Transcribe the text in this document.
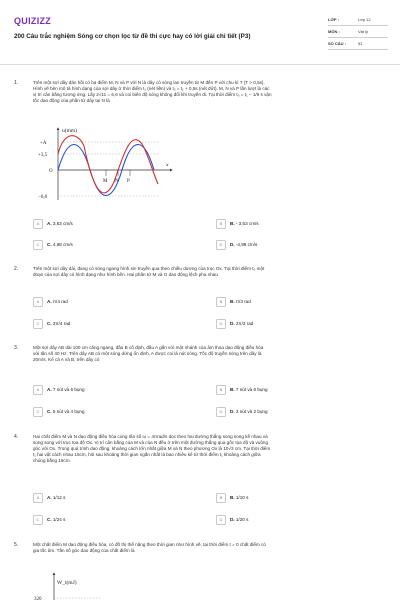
QUIZIZZ
200 Câu trắc nghiệm Sóng cơ chọn lọc từ đề thi cực hay có lời giải chi tiết (P3)
LỚP :	Lớp 12
MÔN :	Vật lý
SỐ CÂU :	51
1.	Trên một sợi dây đàn hồi có ba điểm M, N và P với N là dây có sóng lan truyền từ M đến P với chu kì T (T > 0,5s).
Hình vẽ bên mô tả hình dạng của sợi dây ở thời điểm t₁ (nét liền) và t₂ = t₁ + 0,5s (nét đứt). M, N và P lần lượt là các
vị trí cân bằng tương ứng. Lấy 2√11 = 6,6 và coi biên độ sóng không đổi khi truyền đi. Tại thời điểm t₀ = t₁ − 1/9 s vận
tốc dao động của phần tử dây tại N là
u(mm)
x
+A
+3,5
O
−6,6
M N P
A	A. 3,53 cm/s	B	B. - 3,53 cm/s
C	C. 4,98 cm/s	D	D. -4,98 cm/s
2.	Trên một sợi dây dài, đang có sóng ngang hình sin truyền qua theo chiều dương của trục Ox. Tại thời điểm t₀ một
đoạn của sợi dây có hình dạng như hình bên. Hai phần tử M và O dao động lệch pha nhau
A	A. π/4 rad	B	B. π/3 rad
C	C. 3π/4 rad	D	D. 2π/3 rad
3.	Một sợi dây AB dài 100 cm căng ngang, đầu B cố định, đầu A gắn với một nhánh của âm thoa dao động điều hòa
với tần số 40 Hz. Trên dây AB có một sóng dừng ổn định, A được coi là nút sóng. Tốc độ truyền sóng trên dây là
20m/s. Kể cả A và B, trên dây có
A	A. 7 nút và 6 bụng	B	B. 7 nút và 6 bụng
C	C. 5 nút và 4 bụng	D	D. 3 nút và 2 bụng
4.	Hai chất điểm M và N dao động điều hòa cùng tần số ω = 4πrad/s dọc theo hai đường thẳng song song kề nhau và
song song với trục tọa độ Ox. Vị trí cân bằng của M và của N đều ở trên một đường thẳng qua gốc tọa độ và vuông
góc với Ox. Trong quá trình dao động, khoảng cách lớn nhất giữa M và N theo phương Ox là 10√3 cm. Tại thời điểm
t₁ hai vật cách nhau 15cm, hỏi sau khoảng thời gian ngắn nhất là bao nhiêu kể từ thời điểm t₁ khoảng cách giữa
chúng bằng 15cm.
A	A. 1/12 s	B	B. 1/10 s
C	C. 1/24 s	D	D. 1/20 s
5.	Một chất điểm M dao động điều hòa, có đồ thị thế năng theo thời gian như hình vẽ, tại thời điểm t = 0 chất điểm có
gia tốc âm. Tần số góc dao động của chất điểm là
W_t(mJ)
320
